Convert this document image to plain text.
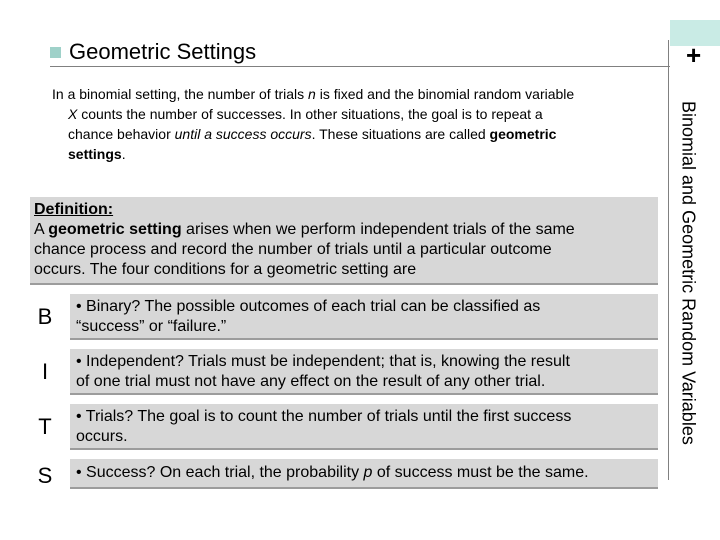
+
Geometric Settings
Binomial and Geometric Random Variables
In a binomial setting, the number of trials n is fixed and the binomial random variable
X counts the number of successes. In other situations, the goal is to repeat a
chance behavior until a success occurs. These situations are called geometric
settings.
Definition:
A geometric setting arises when we perform independent trials of the same
chance process and record the number of trials until a particular outcome
occurs. The four conditions for a geometric setting are
B	• Binary? The possible outcomes of each trial can be classified as
“success” or “failure.”
I	• Independent? Trials must be independent; that is, knowing the result
of one trial must not have any effect on the result of any other trial.
T	• Trials? The goal is to count the number of trials until the first success
occurs.
S	• Success? On each trial, the probability p of success must be the same.
